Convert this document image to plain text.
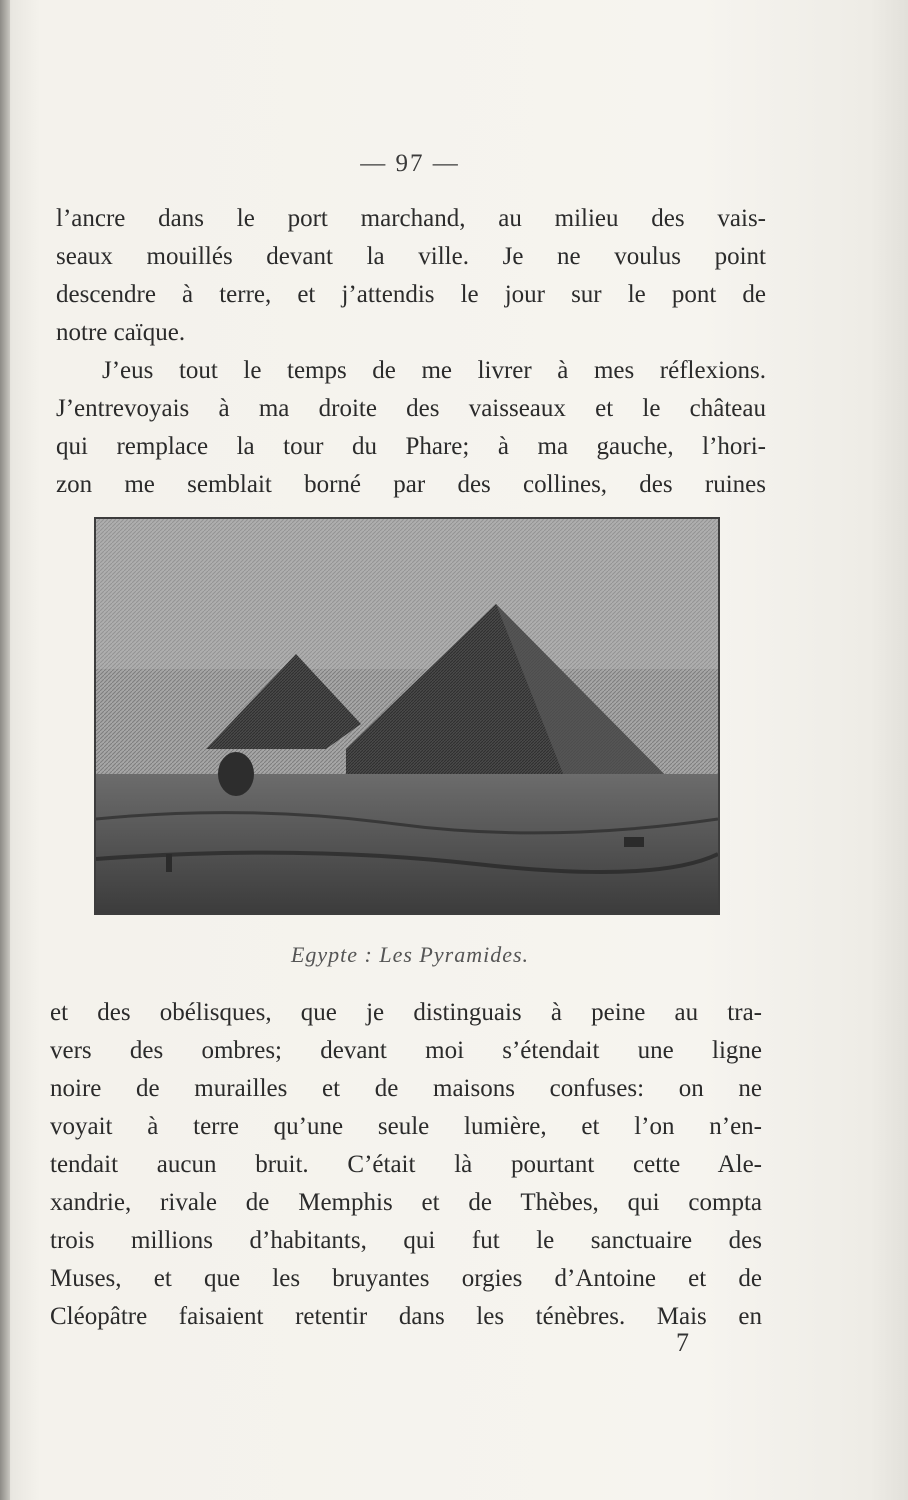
— 97 —
l’ancre dans le port marchand, au milieu des vais-
seaux mouillés devant la ville. Je ne voulus point
descendre à terre, et j’attendis le jour sur le pont de
notre caïque.
J’eus tout le temps de me livrer à mes réflexions.
J’entrevoyais à ma droite des vaisseaux et le château
qui remplace la tour du Phare; à ma gauche, l’hori-
zon me semblait borné par des collines, des ruines
Egypte : Les Pyramides.
et des obélisques, que je distinguais à peine au tra-
vers des ombres; devant moi s’étendait une ligne
noire de murailles et de maisons confuses: on ne
voyait à terre qu’une seule lumière, et l’on n’en-
tendait aucun bruit. C’était là pourtant cette Ale-
xandrie, rivale de Memphis et de Thèbes, qui compta
trois millions d’habitants, qui fut le sanctuaire des
Muses, et que les bruyantes orgies d’Antoine et de
Cléopâtre faisaient retentir dans les ténèbres. Mais en
7
